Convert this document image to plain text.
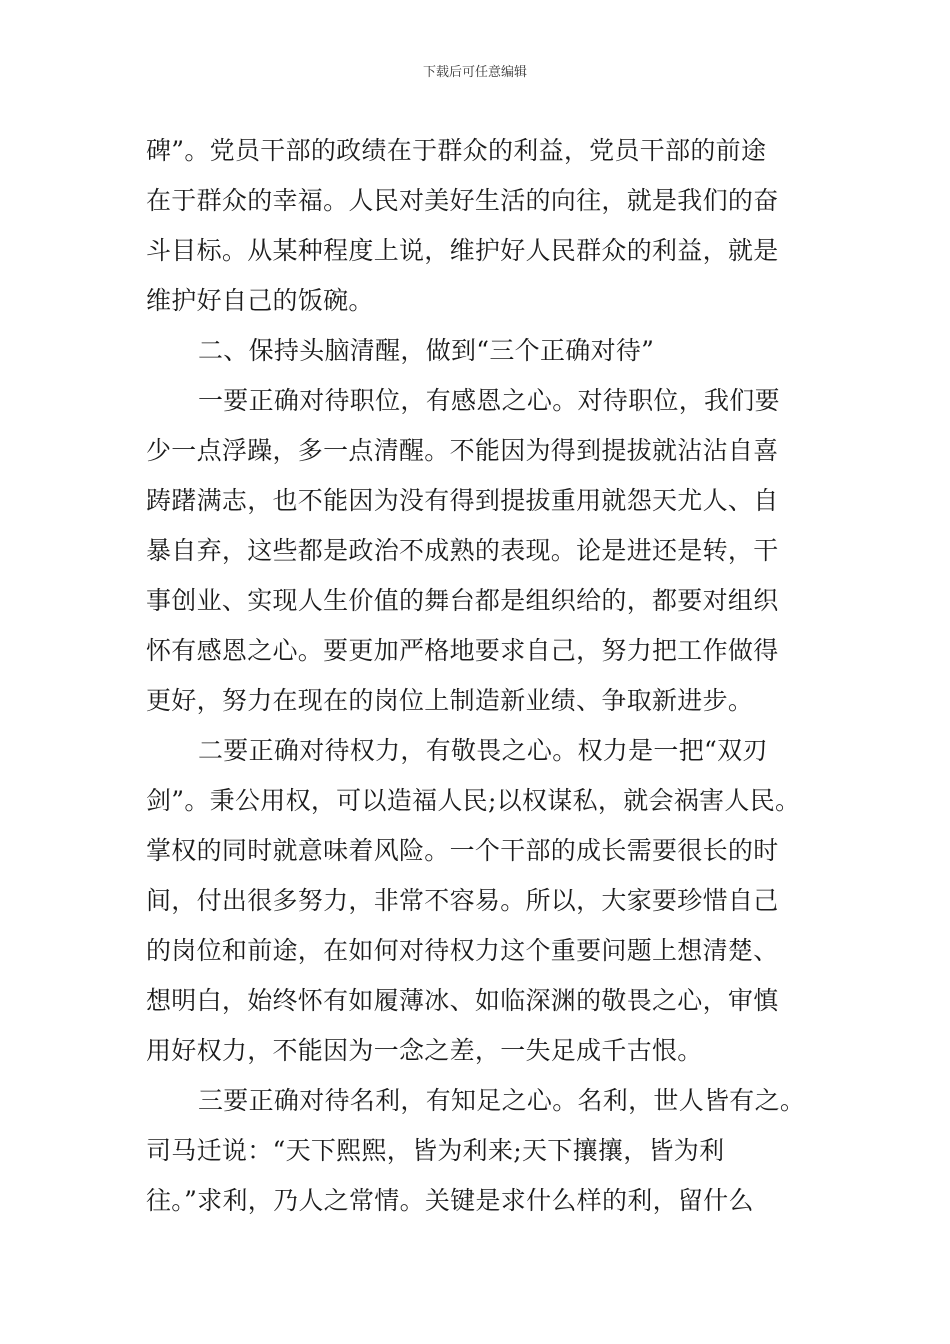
下载后可任意编辑
碑”。党员干部的政绩在于群众的利益，党员干部的前途
在于群众的幸福。人民对美好生活的向往，就是我们的奋
斗目标。从某种程度上说，维护好人民群众的利益，就是
维护好自己的饭碗。
二、保持头脑清醒，做到“三个正确对待”
一要正确对待职位，有感恩之心。对待职位，我们要
少一点浮躁，多一点清醒。不能因为得到提拔就沾沾自喜
踌躇满志，也不能因为没有得到提拔重用就怨天尤人、自
暴自弃，这些都是政治不成熟的表现。论是进还是转，干
事创业、实现人生价值的舞台都是组织给的，都要对组织
怀有感恩之心。要更加严格地要求自己，努力把工作做得
更好，努力在现在的岗位上制造新业绩、争取新进步。
二要正确对待权力，有敬畏之心。权力是一把“双刃
剑”。秉公用权，可以造福人民;以权谋私，就会祸害人民。
掌权的同时就意味着风险。一个干部的成长需要很长的时
间，付出很多努力，非常不容易。所以，大家要珍惜自己
的岗位和前途，在如何对待权力这个重要问题上想清楚、
想明白，始终怀有如履薄冰、如临深渊的敬畏之心，审慎
用好权力，不能因为一念之差，一失足成千古恨。
三要正确对待名利，有知足之心。名利，世人皆有之。
司马迁说：“天下熙熙，皆为利来;天下攘攘，皆为利
往。”求利，乃人之常情。关键是求什么样的利，留什么
